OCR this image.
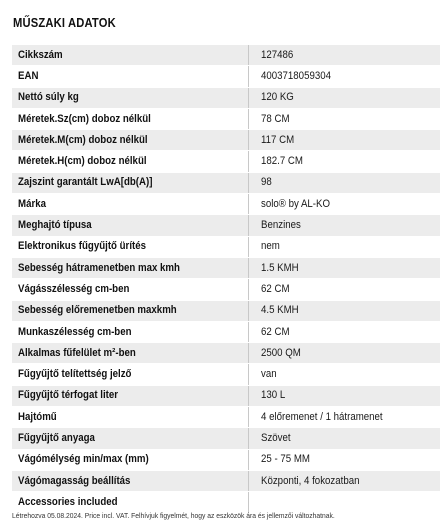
MŰSZAKI ADATOK
Cikkszám	127486
EAN	4003718059304
Nettó súly kg	120 KG
Méretek.Sz(cm) doboz nélkül	78 CM
Méretek.M(cm) doboz nélkül	117 CM
Méretek.H(cm) doboz nélkül	182.7 CM
Zajszint garantált LwA[db(A)]	98
Márka	solo® by AL-KO
Meghajtó típusa	Benzines
Elektronikus fűgyűjtő ürítés	nem
Sebesség hátramenetben max kmh	1.5 KMH
Vágásszélesség cm-ben	62 CM
Sebesség előremenetben maxkmh	4.5 KMH
Munkaszélesség cm-ben	62 CM
Alkalmas fűfelület m²-ben	2500 QM
Fűgyűjtő telítettség jelző	van
Fűgyűjtő térfogat liter	130 L
Hajtómű	4 előremenet / 1 hátramenet
Fűgyűjtő anyaga	Szövet
Vágómélység min/max (mm)	25 - 75 MM
Vágómagasság beállítás	Központi, 4 fokozatban
Accessories included	

Létrehozva 05.08.2024. Price incl. VAT. Felhívjuk figyelmét, hogy az eszközök ára és jellemzői változhatnak.
